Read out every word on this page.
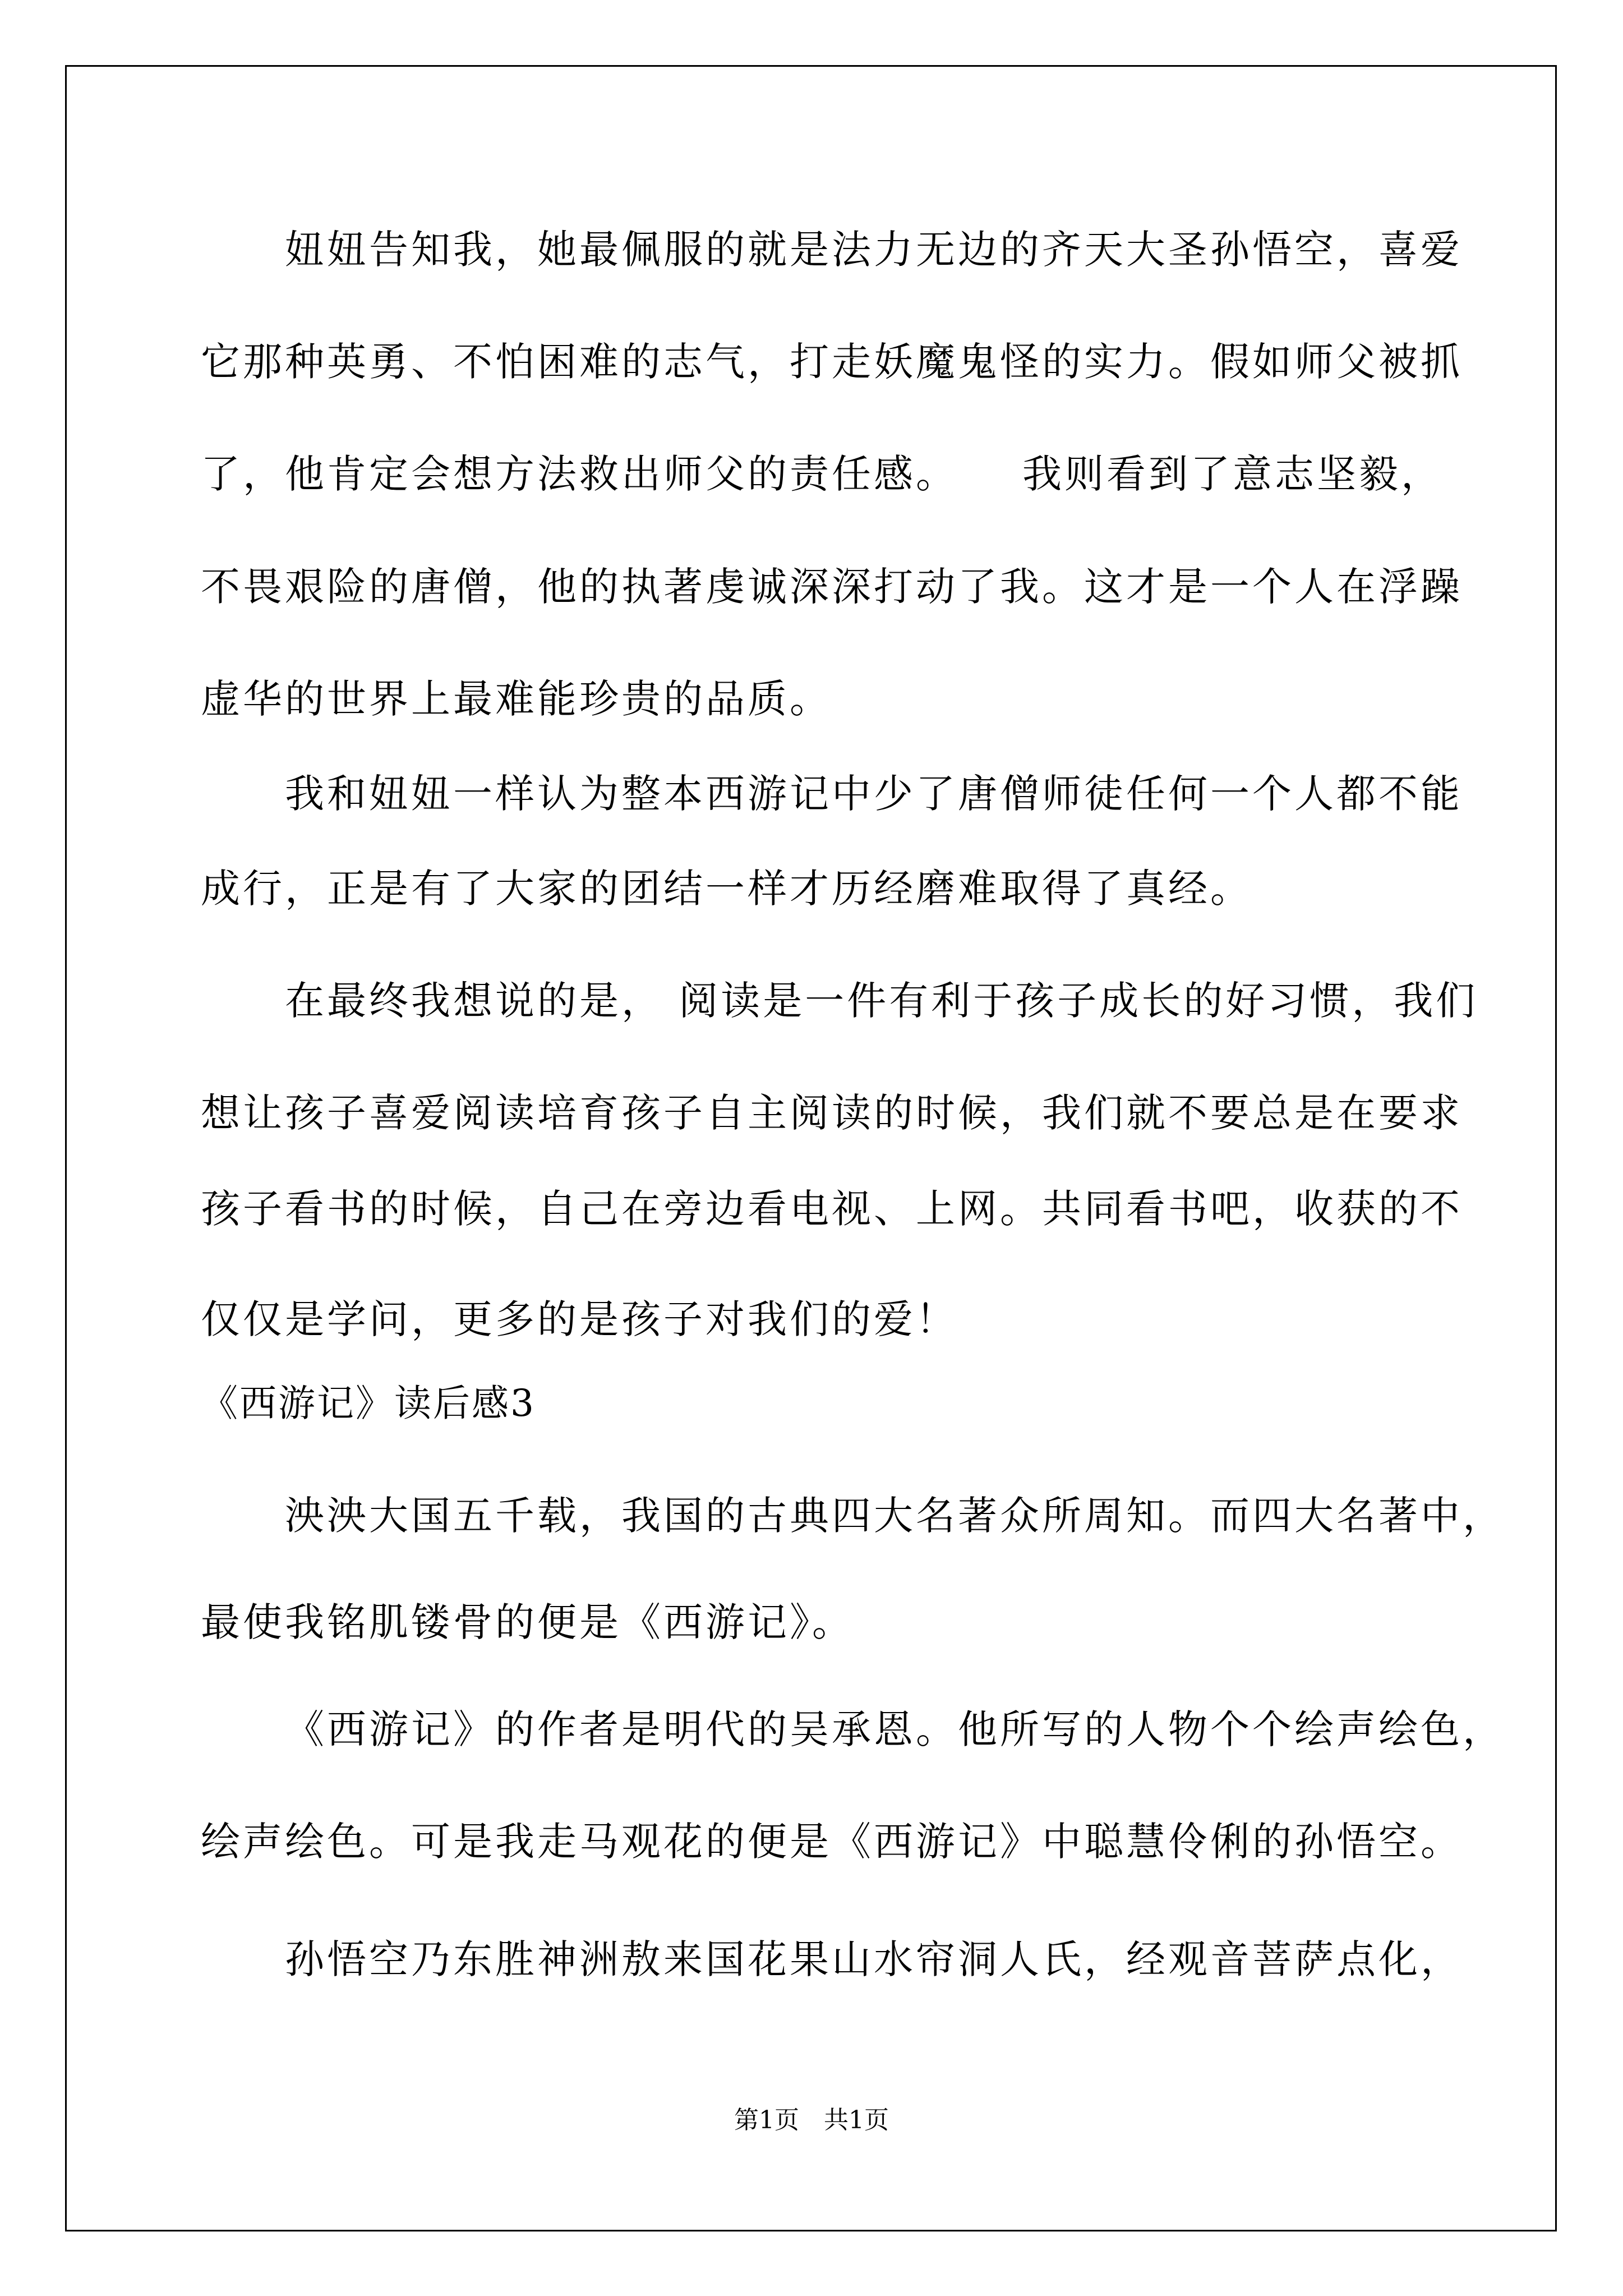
妞妞告知我，她最佩服的就是法力无边的齐天大圣孙悟空，喜爱
它那种英勇、不怕困难的志气，打走妖魔鬼怪的实力。假如师父被抓
了，他肯定会想方法救出师父的责任感。　　我则看到了意志坚毅，
不畏艰险的唐僧，他的执著虔诚深深打动了我。这才是一个人在浮躁
虚华的世界上最难能珍贵的品质。
我和妞妞一样认为整本西游记中少了唐僧师徒任何一个人都不能
成行，正是有了大家的团结一样才历经磨难取得了真经。
在最终我想说的是， 阅读是一件有利于孩子成长的好习惯，我们
想让孩子喜爱阅读培育孩子自主阅读的时候，我们就不要总是在要求
孩子看书的时候，自己在旁边看电视、上网。共同看书吧，收获的不
仅仅是学问，更多的是孩子对我们的爱！
《西游记》读后感3
泱泱大国五千载，我国的古典四大名著众所周知。而四大名著中，
最使我铭肌镂骨的便是《西游记》。
《西游记》的作者是明代的吴承恩。他所写的人物个个绘声绘色，
绘声绘色。可是我走马观花的便是《西游记》中聪慧伶俐的孙悟空。
孙悟空乃东胜神洲敖来国花果山水帘洞人氏，经观音菩萨点化，
第1页　共1页
